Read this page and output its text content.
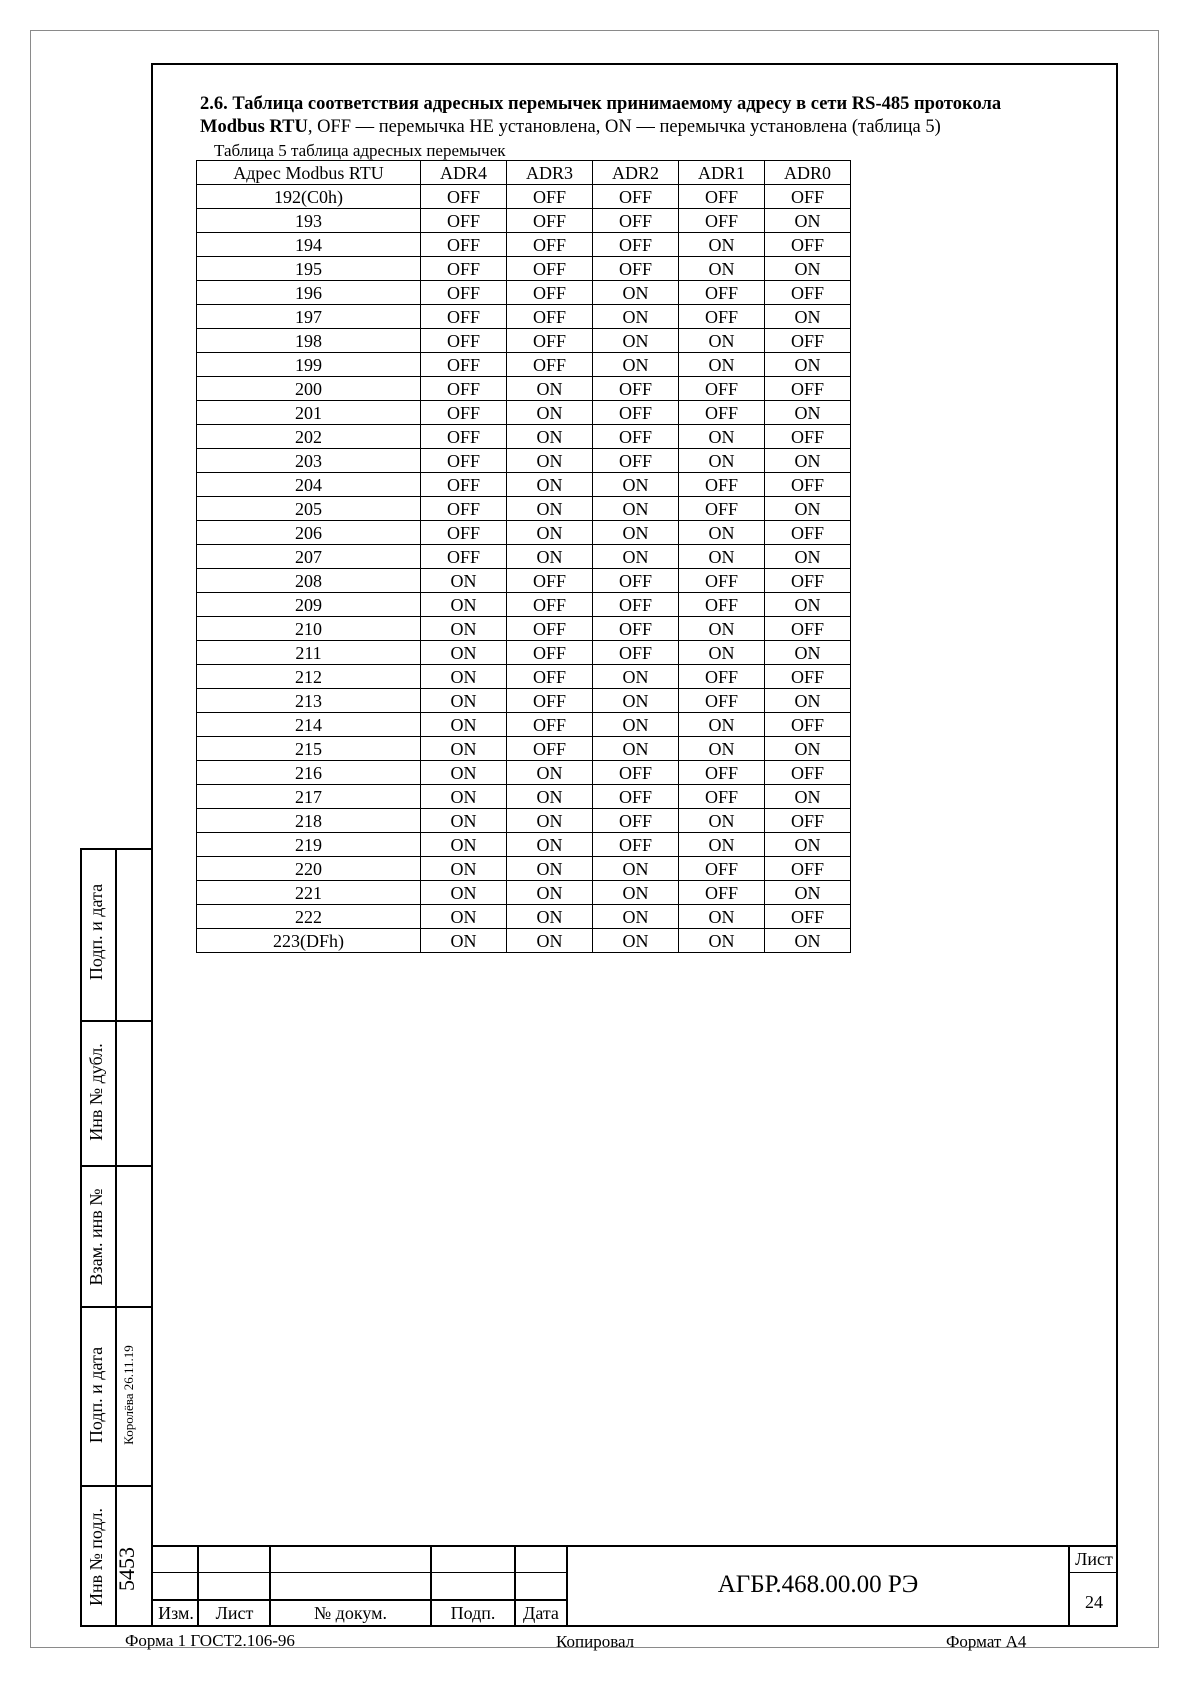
2.6. Таблица соответствия адресных перемычек принимаемому адресу в сети RS-485 протокола
Modbus RTU, OFF — перемычка НЕ установлена, ON — перемычка установлена (таблица 5)
Таблица 5 таблица адресных перемычек
Адрес Modbus RTU	ADR4	ADR3	ADR2	ADR1	ADR0
192(C0h)	OFF	OFF	OFF	OFF	OFF
193	OFF	OFF	OFF	OFF	ON
194	OFF	OFF	OFF	ON	OFF
195	OFF	OFF	OFF	ON	ON
196	OFF	OFF	ON	OFF	OFF
197	OFF	OFF	ON	OFF	ON
198	OFF	OFF	ON	ON	OFF
199	OFF	OFF	ON	ON	ON
200	OFF	ON	OFF	OFF	OFF
201	OFF	ON	OFF	OFF	ON
202	OFF	ON	OFF	ON	OFF
203	OFF	ON	OFF	ON	ON
204	OFF	ON	ON	OFF	OFF
205	OFF	ON	ON	OFF	ON
206	OFF	ON	ON	ON	OFF
207	OFF	ON	ON	ON	ON
208	ON	OFF	OFF	OFF	OFF
209	ON	OFF	OFF	OFF	ON
210	ON	OFF	OFF	ON	OFF
211	ON	OFF	OFF	ON	ON
212	ON	OFF	ON	OFF	OFF
213	ON	OFF	ON	OFF	ON
214	ON	OFF	ON	ON	OFF
215	ON	OFF	ON	ON	ON
216	ON	ON	OFF	OFF	OFF
217	ON	ON	OFF	OFF	ON
218	ON	ON	OFF	ON	OFF
219	ON	ON	OFF	ON	ON
220	ON	ON	ON	OFF	OFF
221	ON	ON	ON	OFF	ON
222	ON	ON	ON	ON	OFF
223(DFh)	ON	ON	ON	ON	ON
Подп. и дата
Инв № дубл.
Взам. инв №
Подп. и дата	Королёва 26.11.19
Инв № подл. 5453
Изм.	Лист	№ докум.	Подп.	Дата
АГБР.468.00.00 РЭ
Лист
24
Форма 1 ГОСТ2.106-96	Копировал	Формат А4
